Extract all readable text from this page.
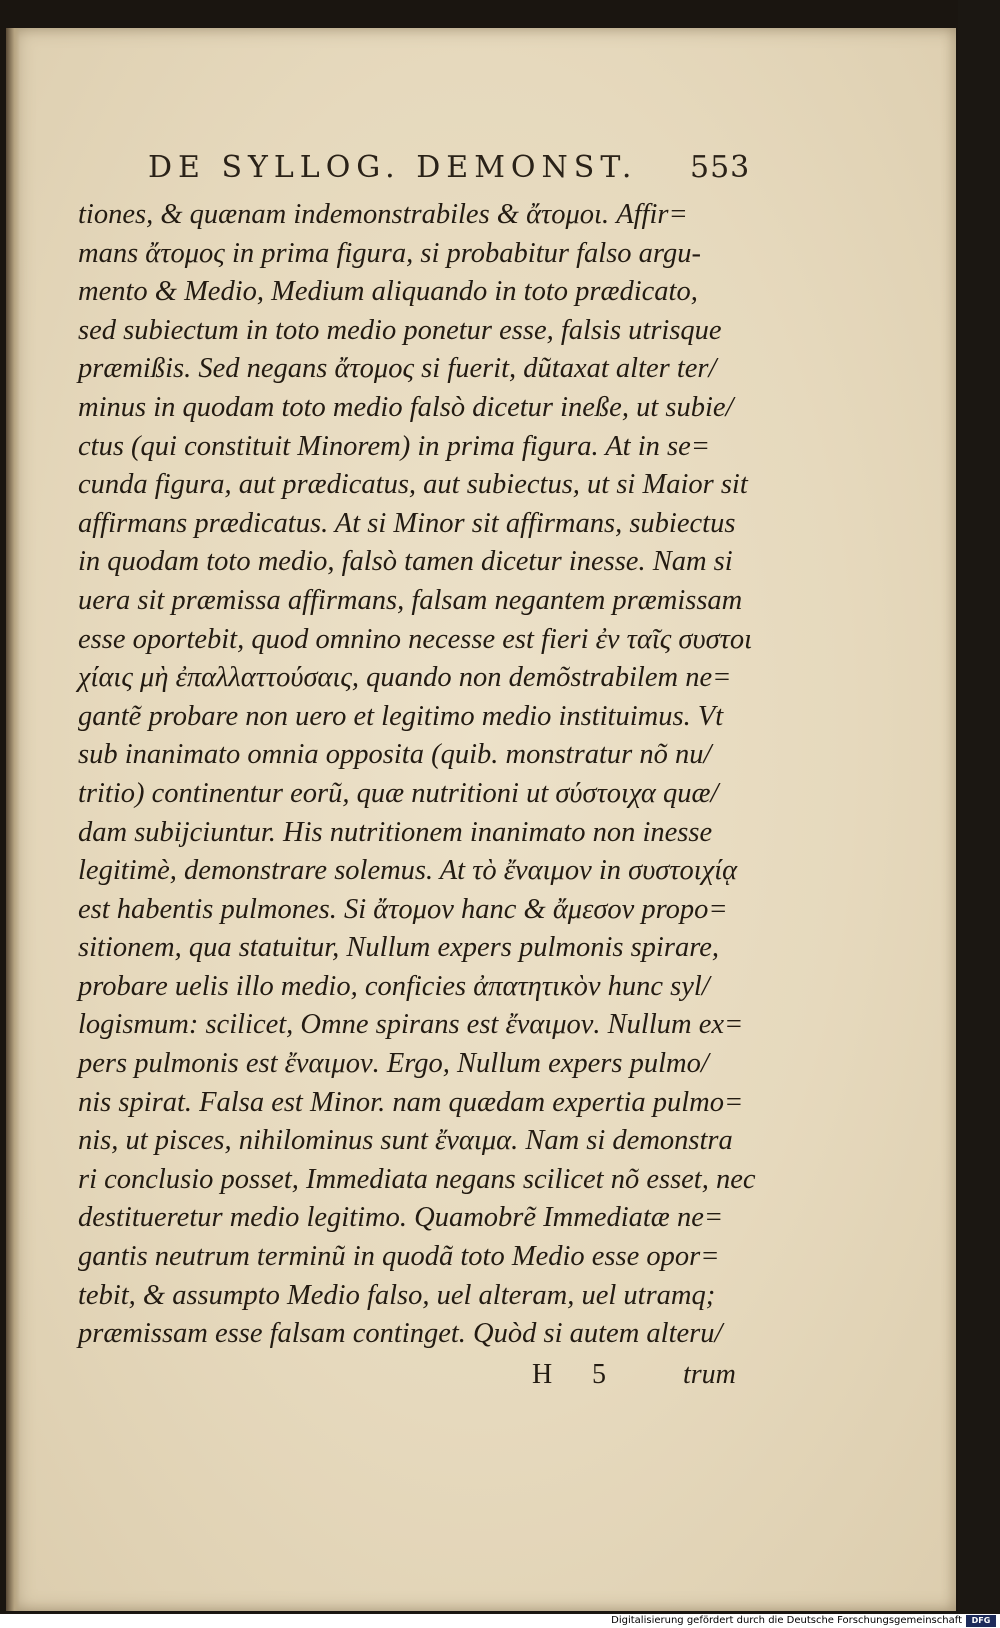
DE SYLLOG. DEMONST. 553
tiones, & quænam indemonstrabiles & ἄτομοι. Affir=
mans ἄτομος in prima figura, si probabitur falso argu-
mento & Medio, Medium aliquando in toto prædicato,
sed subiectum in toto medio ponetur esse, falsis utrisque
præmißis. Sed negans ἄτομος si fuerit, dũtaxat alter ter/
minus in quodam toto medio falsò dicetur ineße, ut subie/
ctus (qui constituit Minorem) in prima figura. At in se=
cunda figura, aut prædicatus, aut subiectus, ut si Maior sit
affirmans prædicatus. At si Minor sit affirmans, subiectus
in quodam toto medio, falsò tamen dicetur inesse. Nam si
uera sit præmissa affirmans, falsam negantem præmissam
esse oportebit, quod omnino necesse est fieri ἐν ταῖς συστοι
χίαις μὴ ἐπαλλαττούσαις, quando non demõstrabilem ne=
gantẽ probare non uero et legitimo medio instituimus. Vt
sub inanimato omnia opposita (quib. monstratur nõ nu/
tritio) continentur eorũ, quæ nutritioni ut σύστοιχα quæ/
dam subijciuntur. His nutritionem inanimato non inesse
legitimè, demonstrare solemus. At τὸ ἔναιμον in συστοιχίᾳ
est habentis pulmones. Si ἄτομον hanc & ἄμεσον propo=
sitionem, qua statuitur, Nullum expers pulmonis spirare,
probare uelis illo medio, conficies ἀπατητικὸν hunc syl/
logismum: scilicet, Omne spirans est ἔναιμον. Nullum ex=
pers pulmonis est ἔναιμον. Ergo, Nullum expers pulmo/
nis spirat. Falsa est Minor. nam quædam expertia pulmo=
nis, ut pisces, nihilominus sunt ἔναιμα. Nam si demonstra
ri conclusio posset, Immediata negans scilicet nõ esset, nec
destitueretur medio legitimo. Quamobrẽ Immediatæ ne=
gantis neutrum terminũ in quodã toto Medio esse opor=
tebit, & assumpto Medio falso, uel alteram, uel utramq;
præmissam esse falsam continget. Quòd si autem alteru/
H 5	trum
Digitalisierung gefördert durch die Deutsche Forschungsgemeinschaft	DFG
